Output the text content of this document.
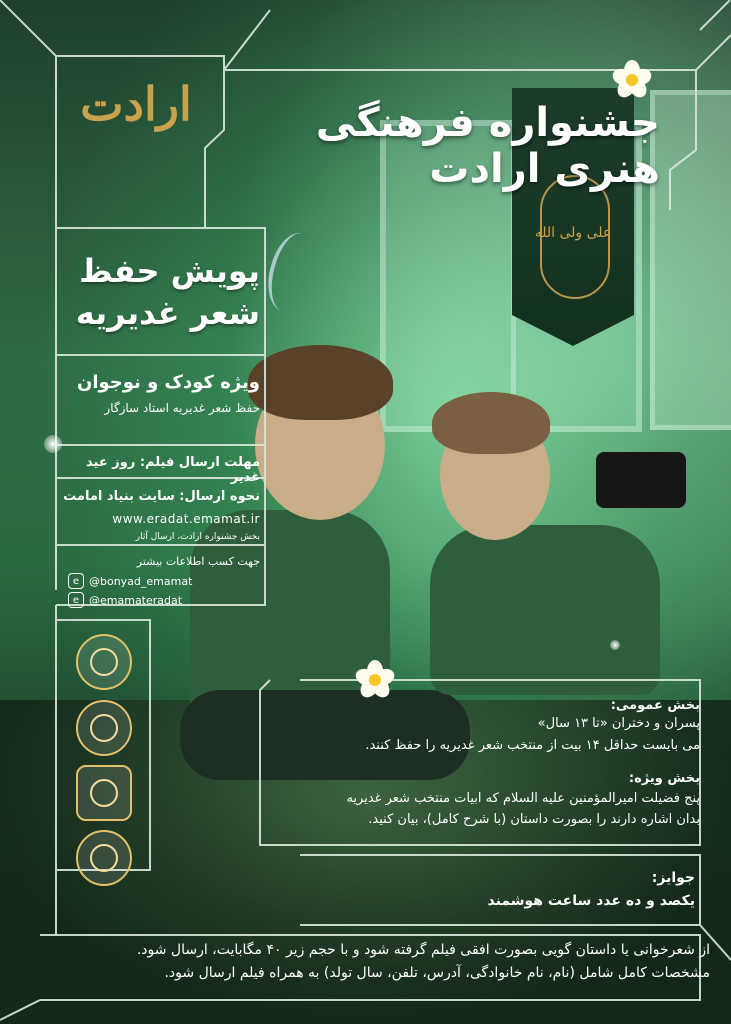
علی ولی الله
ارادت	جشنواره فرهنگی هنری ارادت
پویش حفظ
شعر غدیریه
ویژه کودک و نوجوان
حفظ شعر غدیریه استاد سازگار
مهلت ارسال فیلم: روز عید غدیر
نحوه ارسال: سایت بنیاد امامت
www.eradat.emamat.ir
بخش جشنواره ارادت، ارسال آثار
جهت کسب اطلاعات بیشتر
e @bonyad_emamat
e @emamateradat
بخش عمومی:
پسران و دختران «تا ۱۳ سال»
می بایست حداقل ۱۴ بیت از منتخب شعر غدیریه را حفظ کنند.
بخش ویژه:
پنج فضیلت امیرالمؤمنین علیه السلام که ابیات منتخب شعر غدیریه
بدان اشاره دارند را بصورت داستان (با شرح کامل)، بیان کنید.
جوایز:
یکصد و ده عدد ساعت هوشمند
از شعرخوانی یا داستان گویی بصورت افقی فیلم گرفته شود و با حجم زیر ۴۰ مگابایت، ارسال شود.
مشخصات کامل شامل (نام، نام خانوادگی، آدرس، تلفن، سال تولد) به همراه فیلم ارسال شود.
